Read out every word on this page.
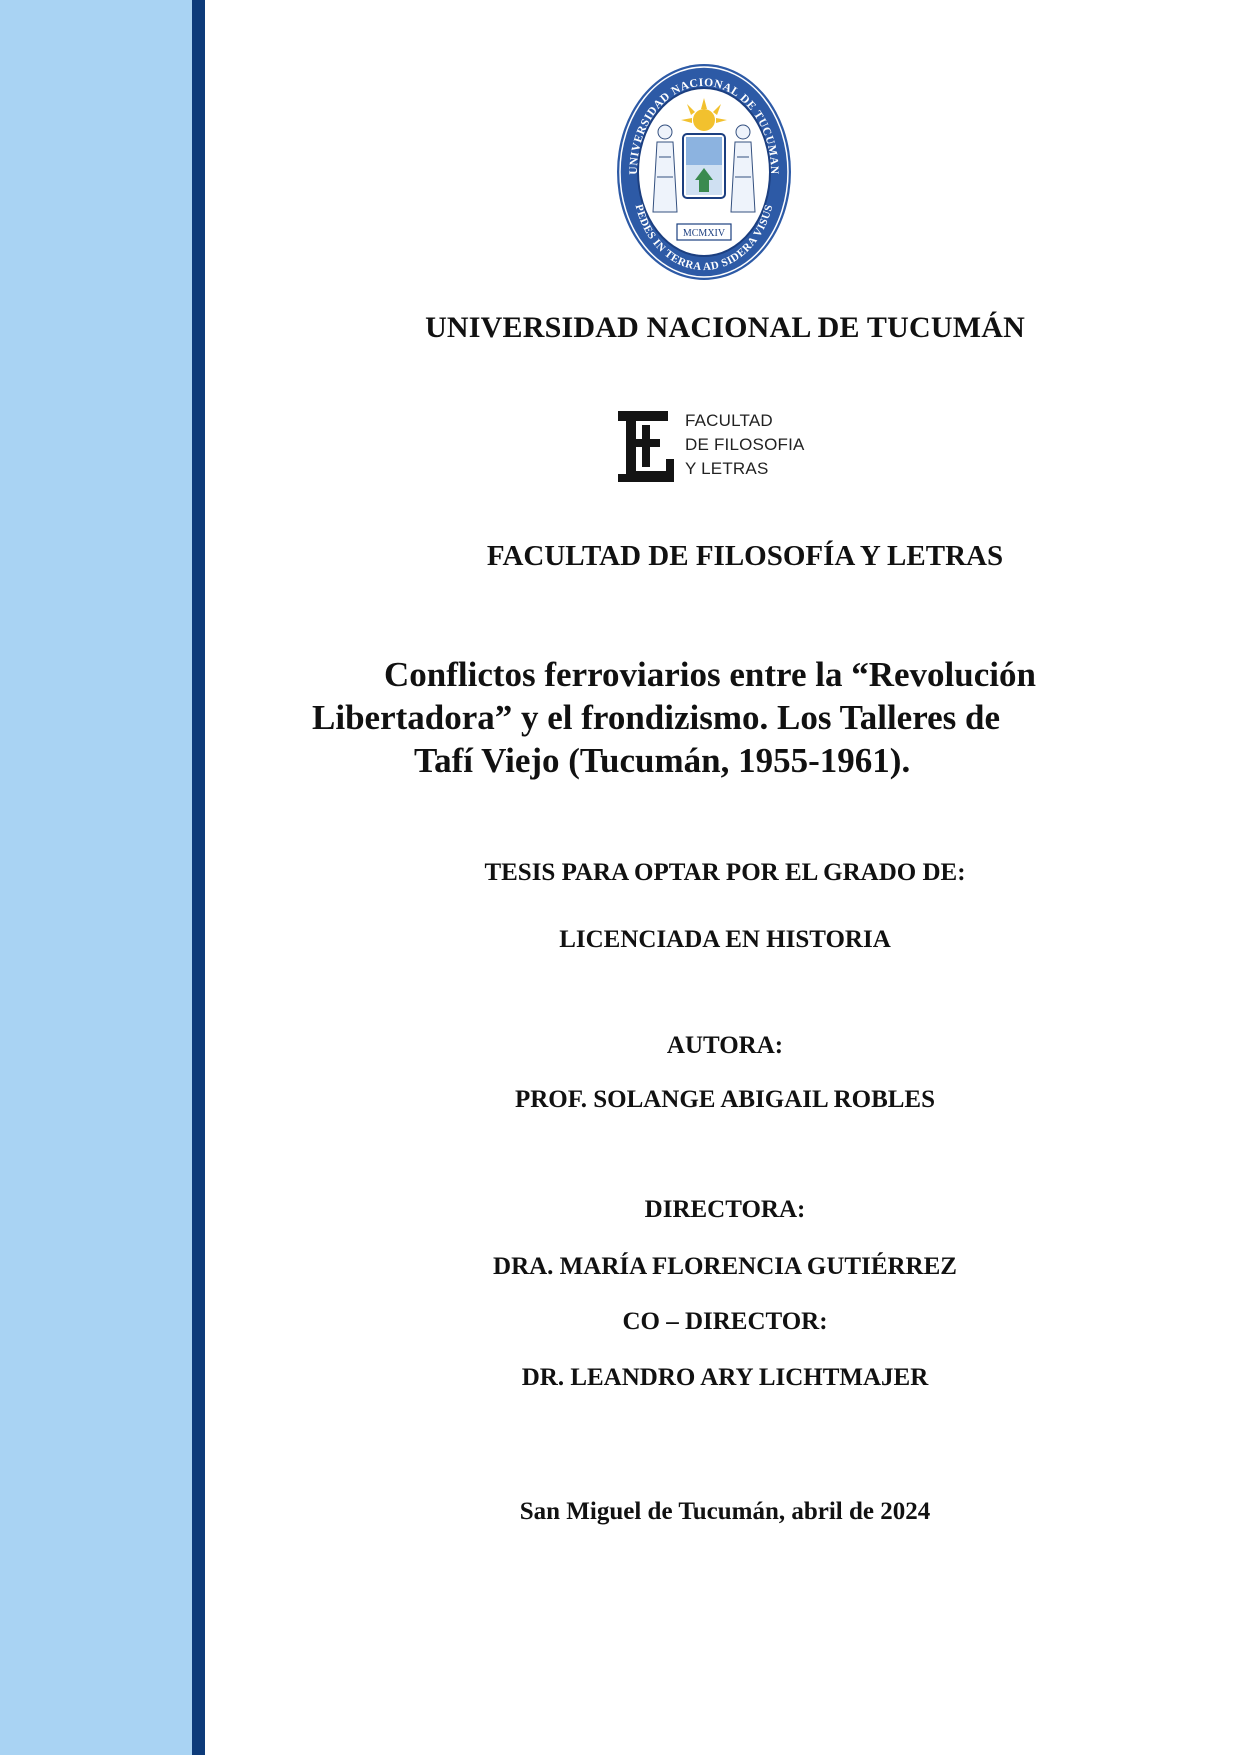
UNIVERSIDAD NACIONAL DE TUCUMAN
PEDES IN TERRA AD SIDERA VISUS
MCMXIV
UNIVERSIDAD NACIONAL DE TUCUMÁN
FACULTAD
DE FILOSOFIA
Y LETRAS
FACULTAD DE FILOSOFÍA Y LETRAS

Conflictos ferroviarios entre la “Revolución

Libertadora” y el frondizismo. Los Talleres de

Tafí Viejo (Tucumán, 1955-1961).

TESIS PARA OPTAR POR EL GRADO DE:

LICENCIADA EN HISTORIA

AUTORA:

PROF. SOLANGE ABIGAIL ROBLES

DIRECTORA:

DRA. MARÍA FLORENCIA GUTIÉRREZ

CO – DIRECTOR:

DR. LEANDRO ARY LICHTMAJER

San Miguel de Tucumán, abril de 2024
